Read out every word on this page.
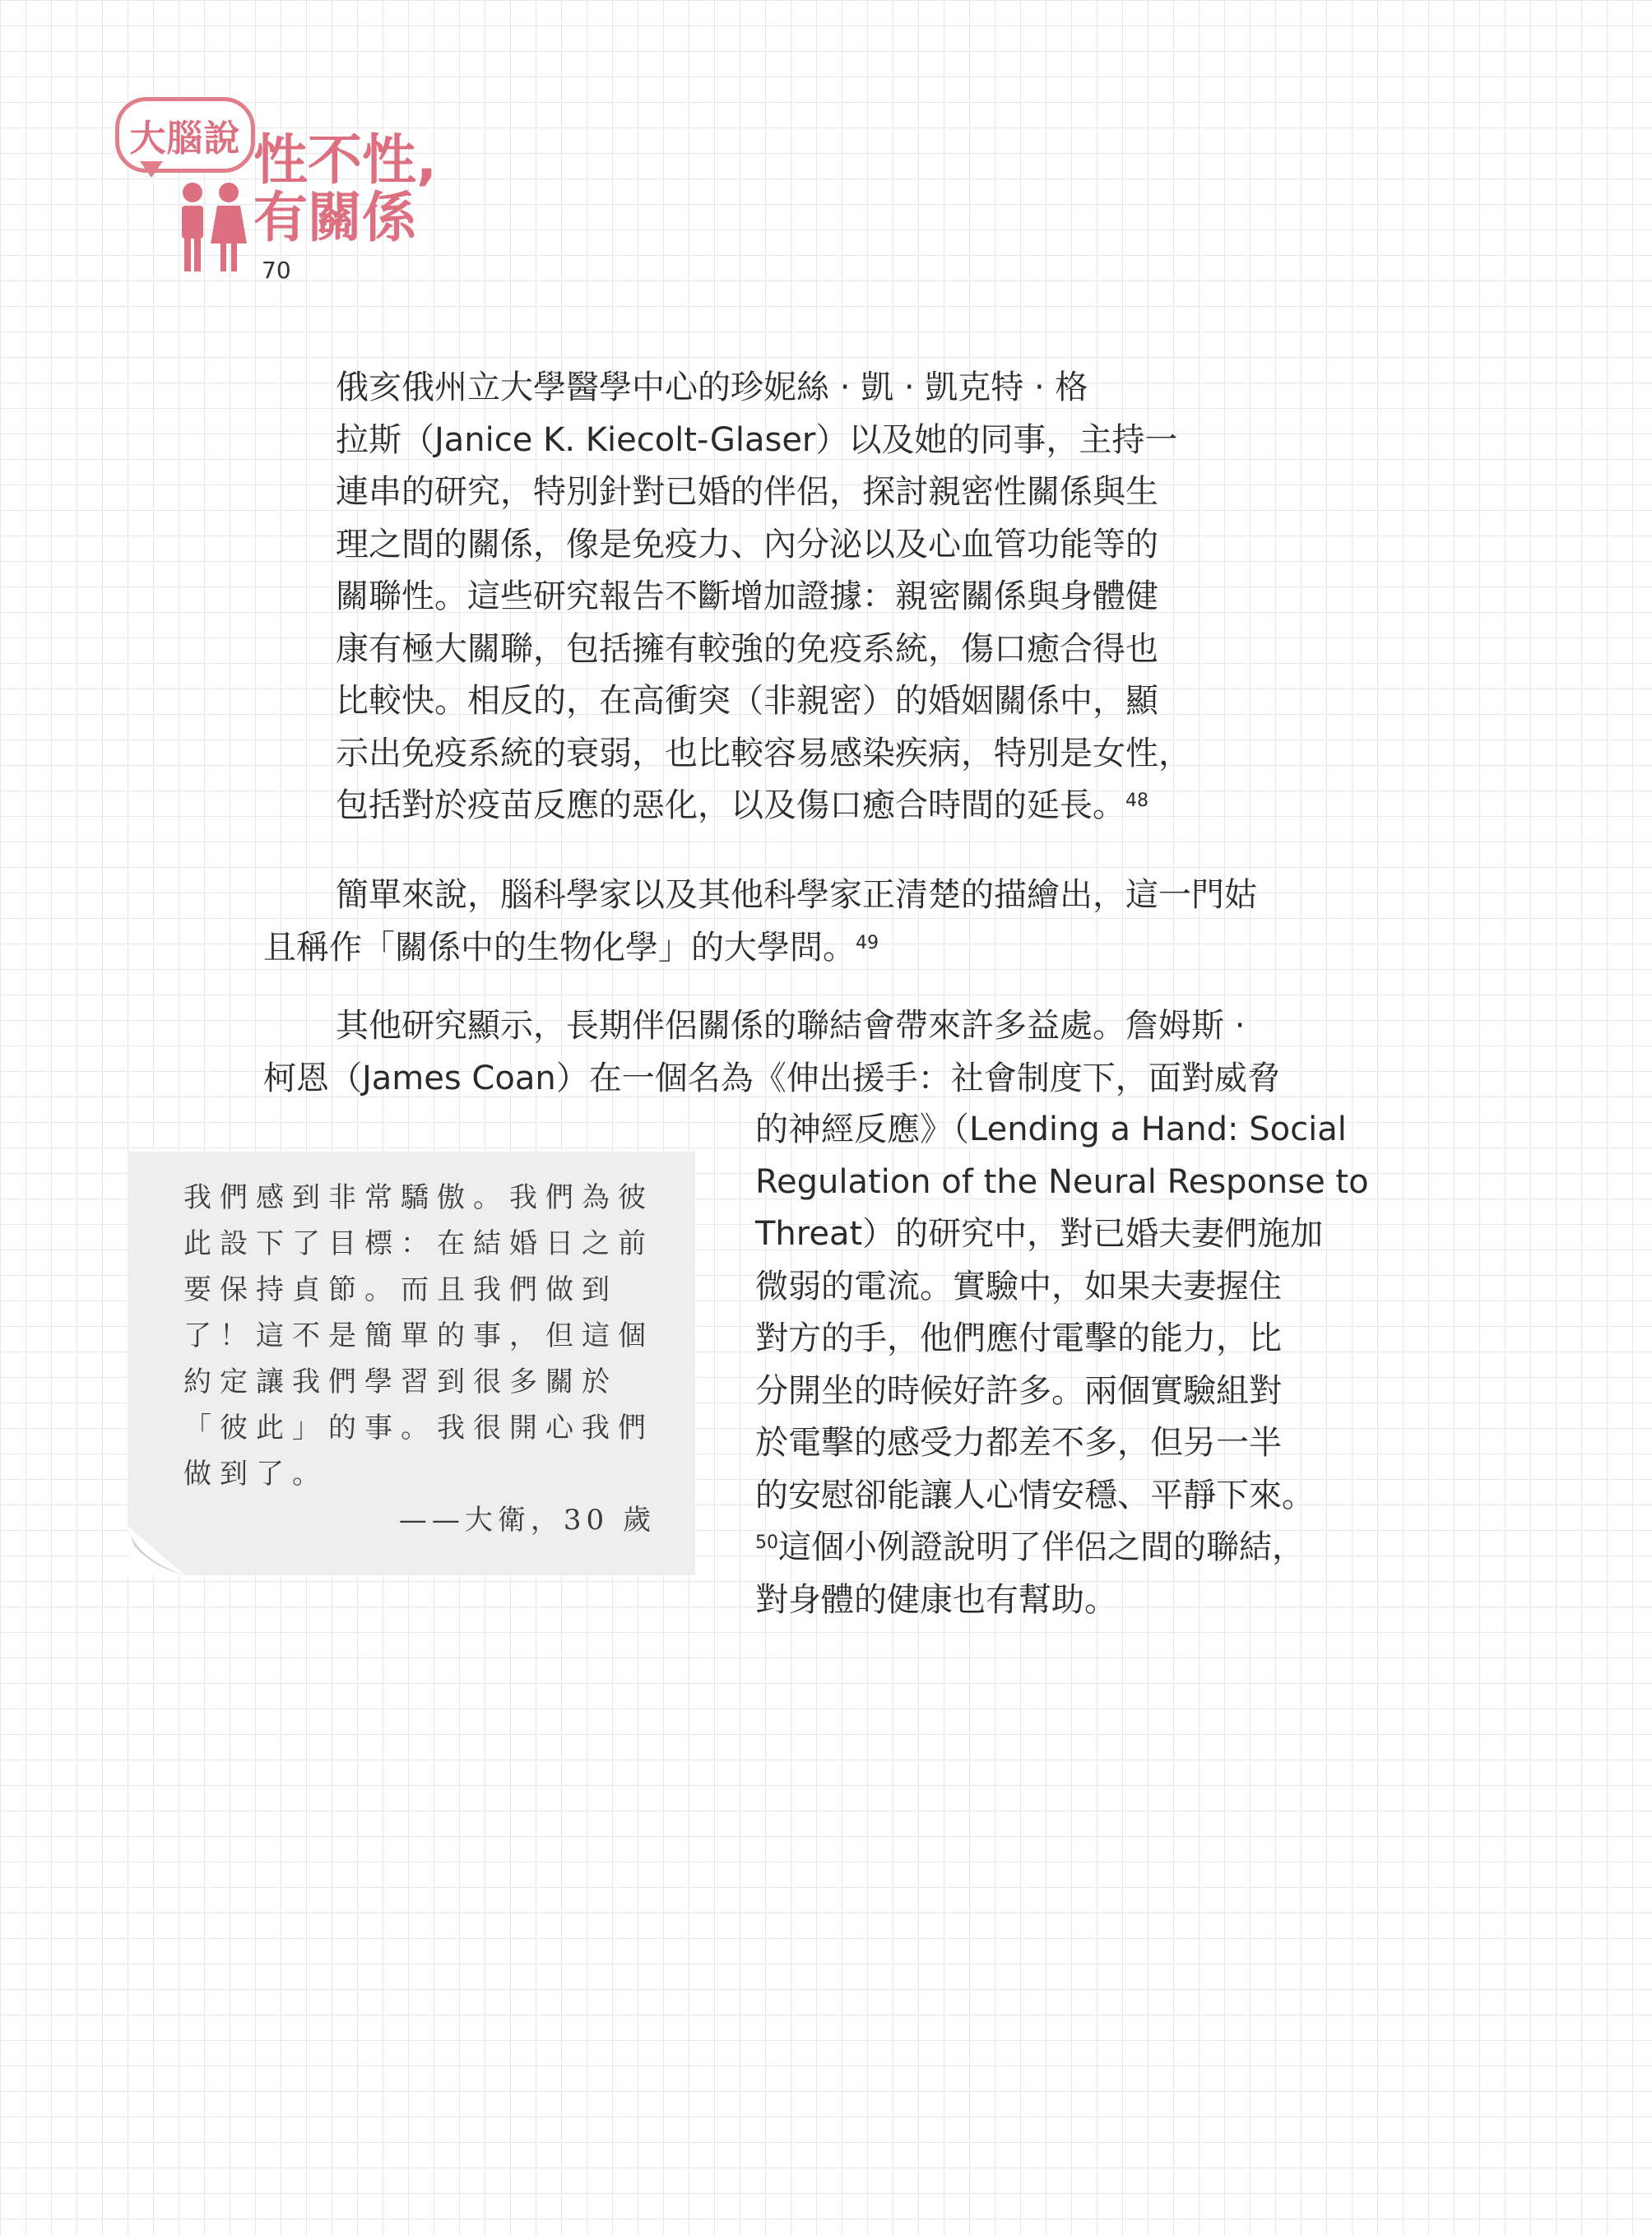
大腦說 性不性,
有關係
70
俄亥俄州立大學醫學中心的珍妮絲 · 凱 · 凱克特 · 格
拉斯（Janice K. Kiecolt-Glaser）以及她的同事，主持一
連串的研究，特別針對已婚的伴侶，探討親密性關係與生
理之間的關係，像是免疫力、內分泌以及心血管功能等的
關聯性。這些研究報告不斷增加證據：親密關係與身體健
康有極大關聯，包括擁有較強的免疫系統，傷口癒合得也
比較快。相反的，在高衝突（非親密）的婚姻關係中，顯
示出免疫系統的衰弱，也比較容易感染疾病，特別是女性，
包括對於疫苗反應的惡化，以及傷口癒合時間的延長。$^{48}$
簡單來說，腦科學家以及其他科學家正清楚的描繪出，這一門姑
且稱作「關係中的生物化學」的大學問。$^{49}$
其他研究顯示，長期伴侶關係的聯結會帶來許多益處。詹姆斯 ·
柯恩（James Coan）在一個名為《伸出援手：社會制度下，面對威脅
的神經反應》（Lending a Hand: Social
Regulation of the Neural Response to
Threat）的研究中，對已婚夫妻們施加
微弱的電流。實驗中，如果夫妻握住
對方的手，他們應付電擊的能力，比
分開坐的時候好許多。兩個實驗組對
於電擊的感受力都差不多，但另一半
的安慰卻能讓人心情安穩、平靜下來。
$^{50}$這個小例證說明了伴侶之間的聯結，
對身體的健康也有幫助。
我們感到非常驕傲。我們為彼
此設下了目標：在結婚日之前
要保持貞節。而且我們做到
了！這不是簡單的事，但這個
約定讓我們學習到很多關於
「彼此」的事。我很開心我們
做到了。
——大衛，30 歲
